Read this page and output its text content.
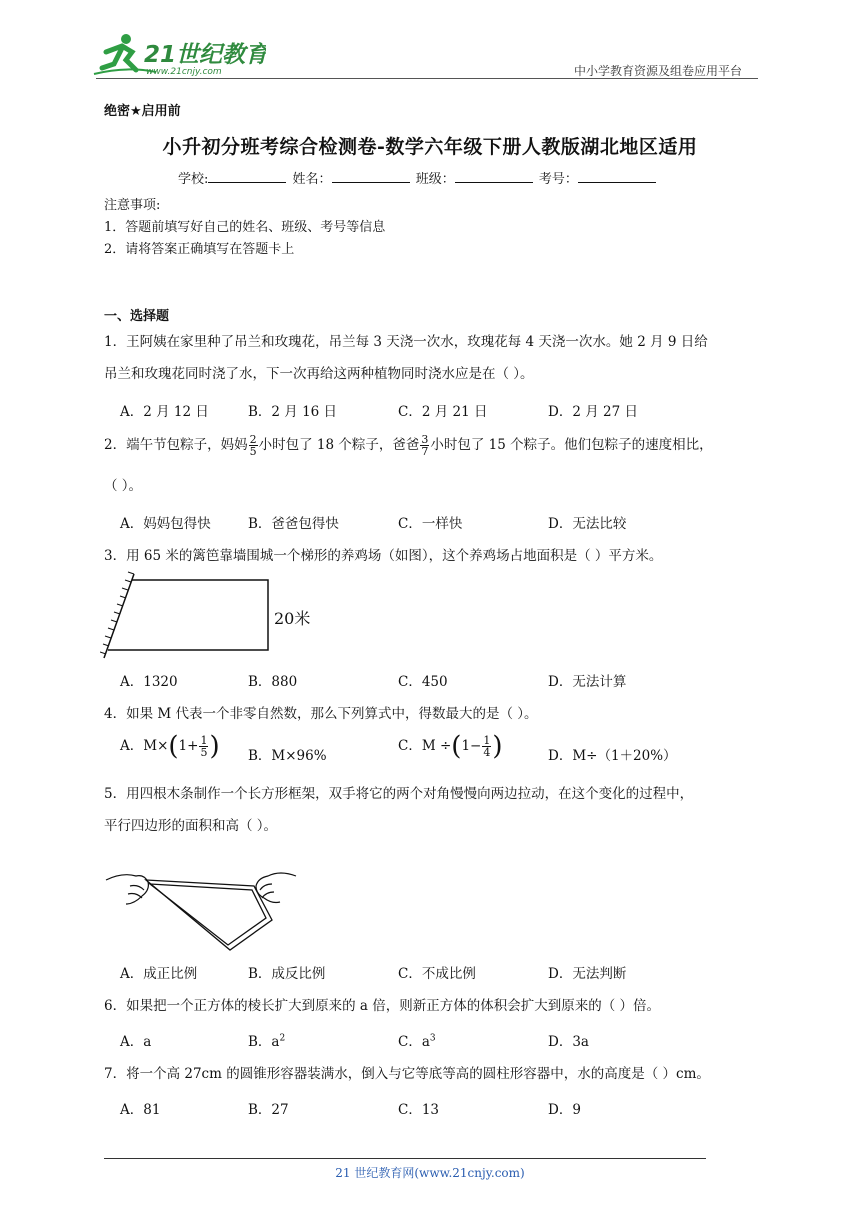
21世纪教育
www.21cnjy.com	中小学教育资源及组卷应用平台
绝密★启用前
小升初分班考综合检测卷-数学六年级下册人教版湖北地区适用
学校:	姓名：	班级：	考号：
注意事项:
1．答题前填写好自己的姓名、班级、考号等信息
2．请将答案正确填写在答题卡上
一、选择题
1．王阿姨在家里种了吊兰和玫瑰花，吊兰每 3 天浇一次水，玫瑰花每 4 天浇一次水。她 2 月 9 日给
吊兰和玫瑰花同时浇了水，下一次再给这两种植物同时浇水应是在（ ）。
A．2 月 12 日	B．2 月 16 日	C．2 月 21 日	D．2 月 27 日
2．端午节包粽子，妈妈 $\frac{2}{5}$ 小时包了 18 个粽子，爸爸 $\frac{3}{7}$ 小时包了 15 个粽子。他们包粽子的速度相比，
（ ）。
A．妈妈包得快	B．爸爸包得快	C．一样快	D．无法比较
3．用 65 米的篱笆靠墙围城一个梯形的养鸡场（如图），这个养鸡场占地面积是（ ）平方米。
20米
A．1320	B．880	C．450	D．无法计算
4．如果 M 代表一个非零自然数，那么下列算式中，得数最大的是（ ）。
A．$M\times(1+ \frac{1}{5}$ ) B．M×96%
C．$M \div(1- \frac{1}{4}$ )	D．M÷（1＋20%）
5．用四根木条制作一个长方形框架，双手将它的两个对角慢慢向两边拉动，在这个变化的过程中，
平行四边形的面积和高（ ）。
A．成正比例	B．成反比例	C．不成比例	D．无法判断
6．如果把一个正方体的棱长扩大到原来的 a 倍，则新正方体的体积会扩大到原来的（ ）倍。
A．a	B．$a^2$	C．$a^3$	D．3a
7．将一个高 27cm 的圆锥形容器装满水，倒入与它等底等高的圆柱形容器中，水的高度是（ ）cm。
A．81	B．27	C．13	D．9
21 世纪教育网(www.21cnjy.com)
